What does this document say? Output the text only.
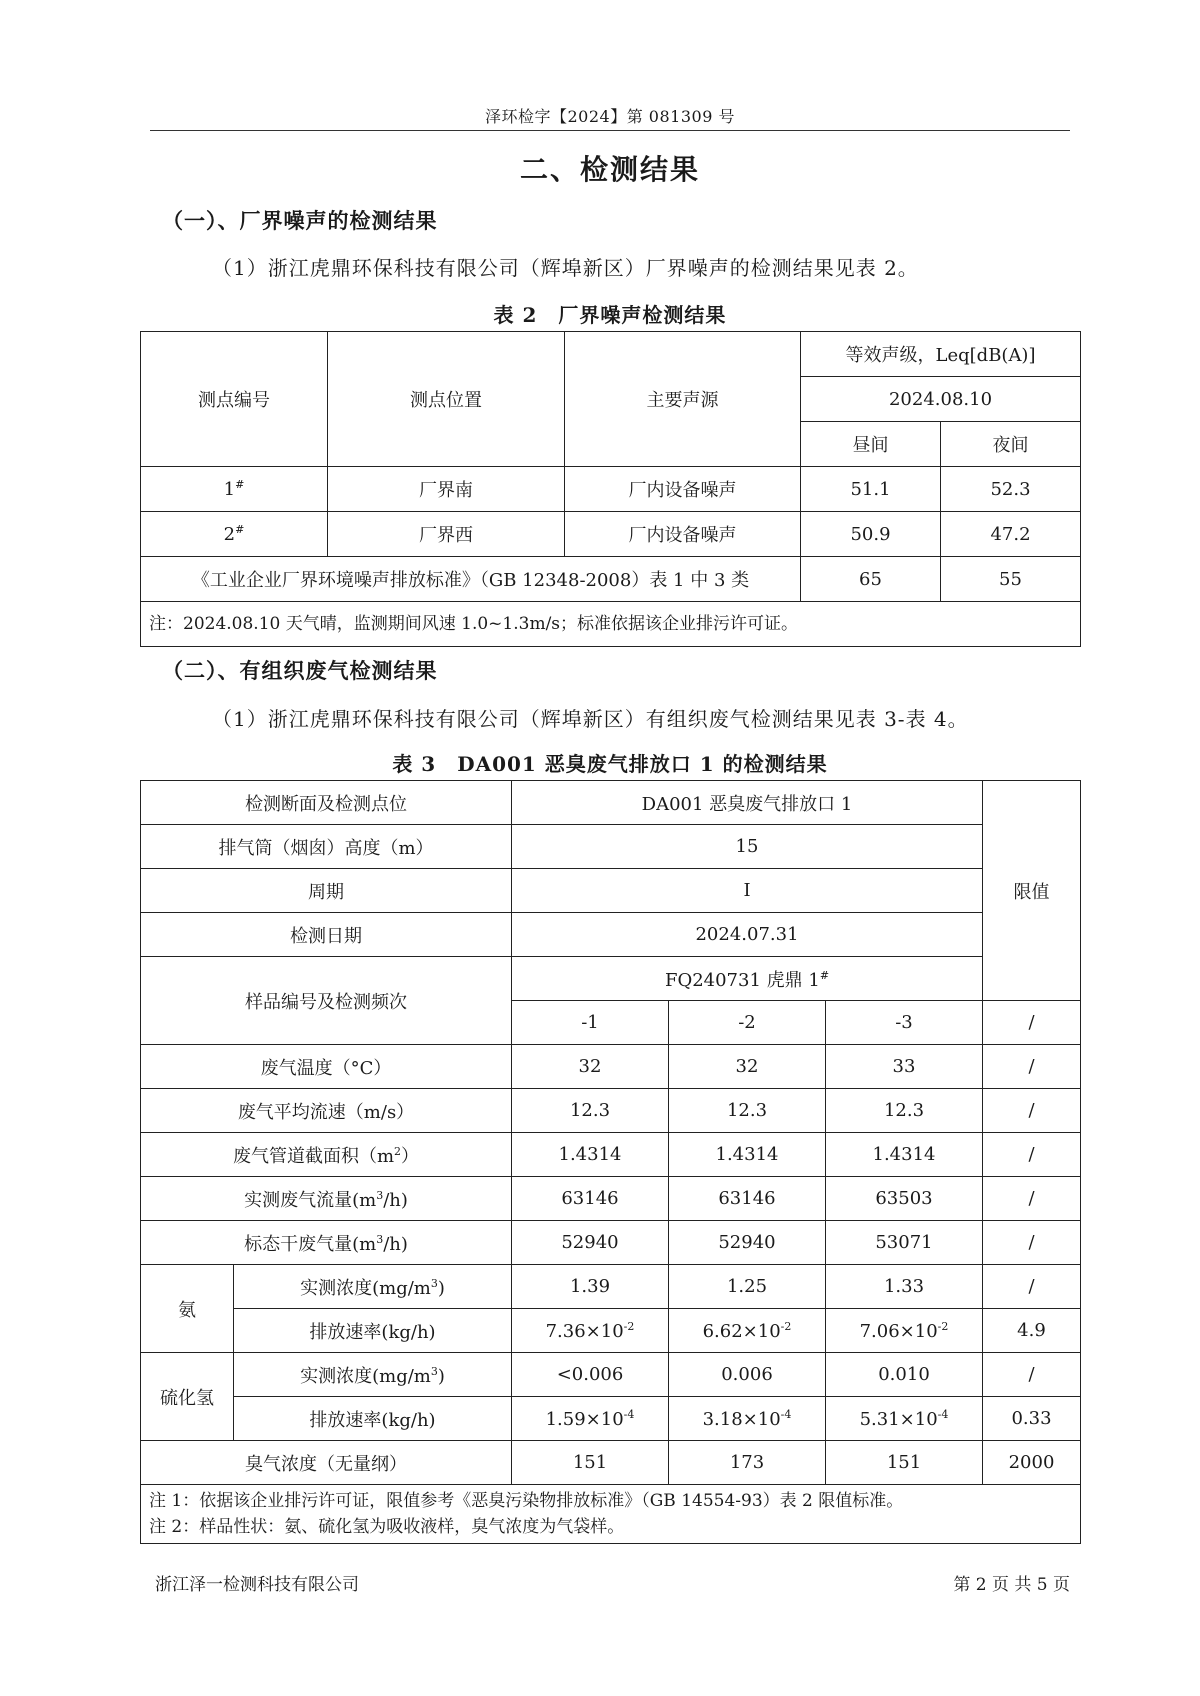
泽环检字【2024】第 081309 号
二、检测结果
（一）、厂界噪声的检测结果
（1）浙江虎鼎环保科技有限公司（辉埠新区）厂界噪声的检测结果见表 2。
表 2　厂界噪声检测结果
测点编号	测点位置	主要声源	等效声级，Leq[dB(A)]	
			2024.08.10	
			昼间	夜间
1#	厂界南	厂内设备噪声	51.1	52.3
2#	厂界西	厂内设备噪声	50.9	47.2
《工业企业厂界环境噪声排放标准》（GB 12348-2008）表 1 中 3 类			65	55
注：2024.08.10 天气晴，监测期间风速 1.0~1.3m/s；标准依据该企业排污许可证。				
（二）、有组织废气检测结果
（1）浙江虎鼎环保科技有限公司（辉埠新区）有组织废气检测结果见表 3-表 4。
表 3　DA001 恶臭废气排放口 1 的检测结果
检测断面及检测点位		DA001 恶臭废气排放口 1			限值
排气筒（烟囱）高度（m）		15			
周期		I			
检测日期		2024.07.31			
样品编号及检测频次		FQ240731 虎鼎 1#
		-1	-2	-3	/
废气温度（°C）		32	32	33	/
废气平均流速（m/s）		12.3	12.3	12.3	/
废气管道截面积$(m^2)$		1.4314	1.4314	1.4314	/
实测废气流量$(m^3/h)$		63146	63146	63503	/
标态干废气量$(m^3/h)$		52940	52940	53071	/
氨	实测浓度$(mg/m^3)$	1.39	1.25	1.33	/
	排放速率(kg/h)	$7.36\times 10^{-2}$	$6.62\times 10^{-2}$	$7.06\times 10^{-2}$	4.9
硫化氢	实测浓度$(mg/m^3)$	<0.006	0.006	0.010	/
	排放速率(kg/h)	$1.59\times 10^{-4}$	$3.18\times 10^{-4}$	$5.31\times 10^{-4}$	0.33
臭气浓度（无量纲）		151	173	151	2000

注 1：依据该企业排污许可证，限值参考《恶臭污染物排放标准》（GB 14554-93）表 2 限值标准。
注 2：样品性状：氨、硫化氢为吸收液样，臭气浓度为气袋样。					
浙江泽一检测科技有限公司	第 2 页 共 5 页
